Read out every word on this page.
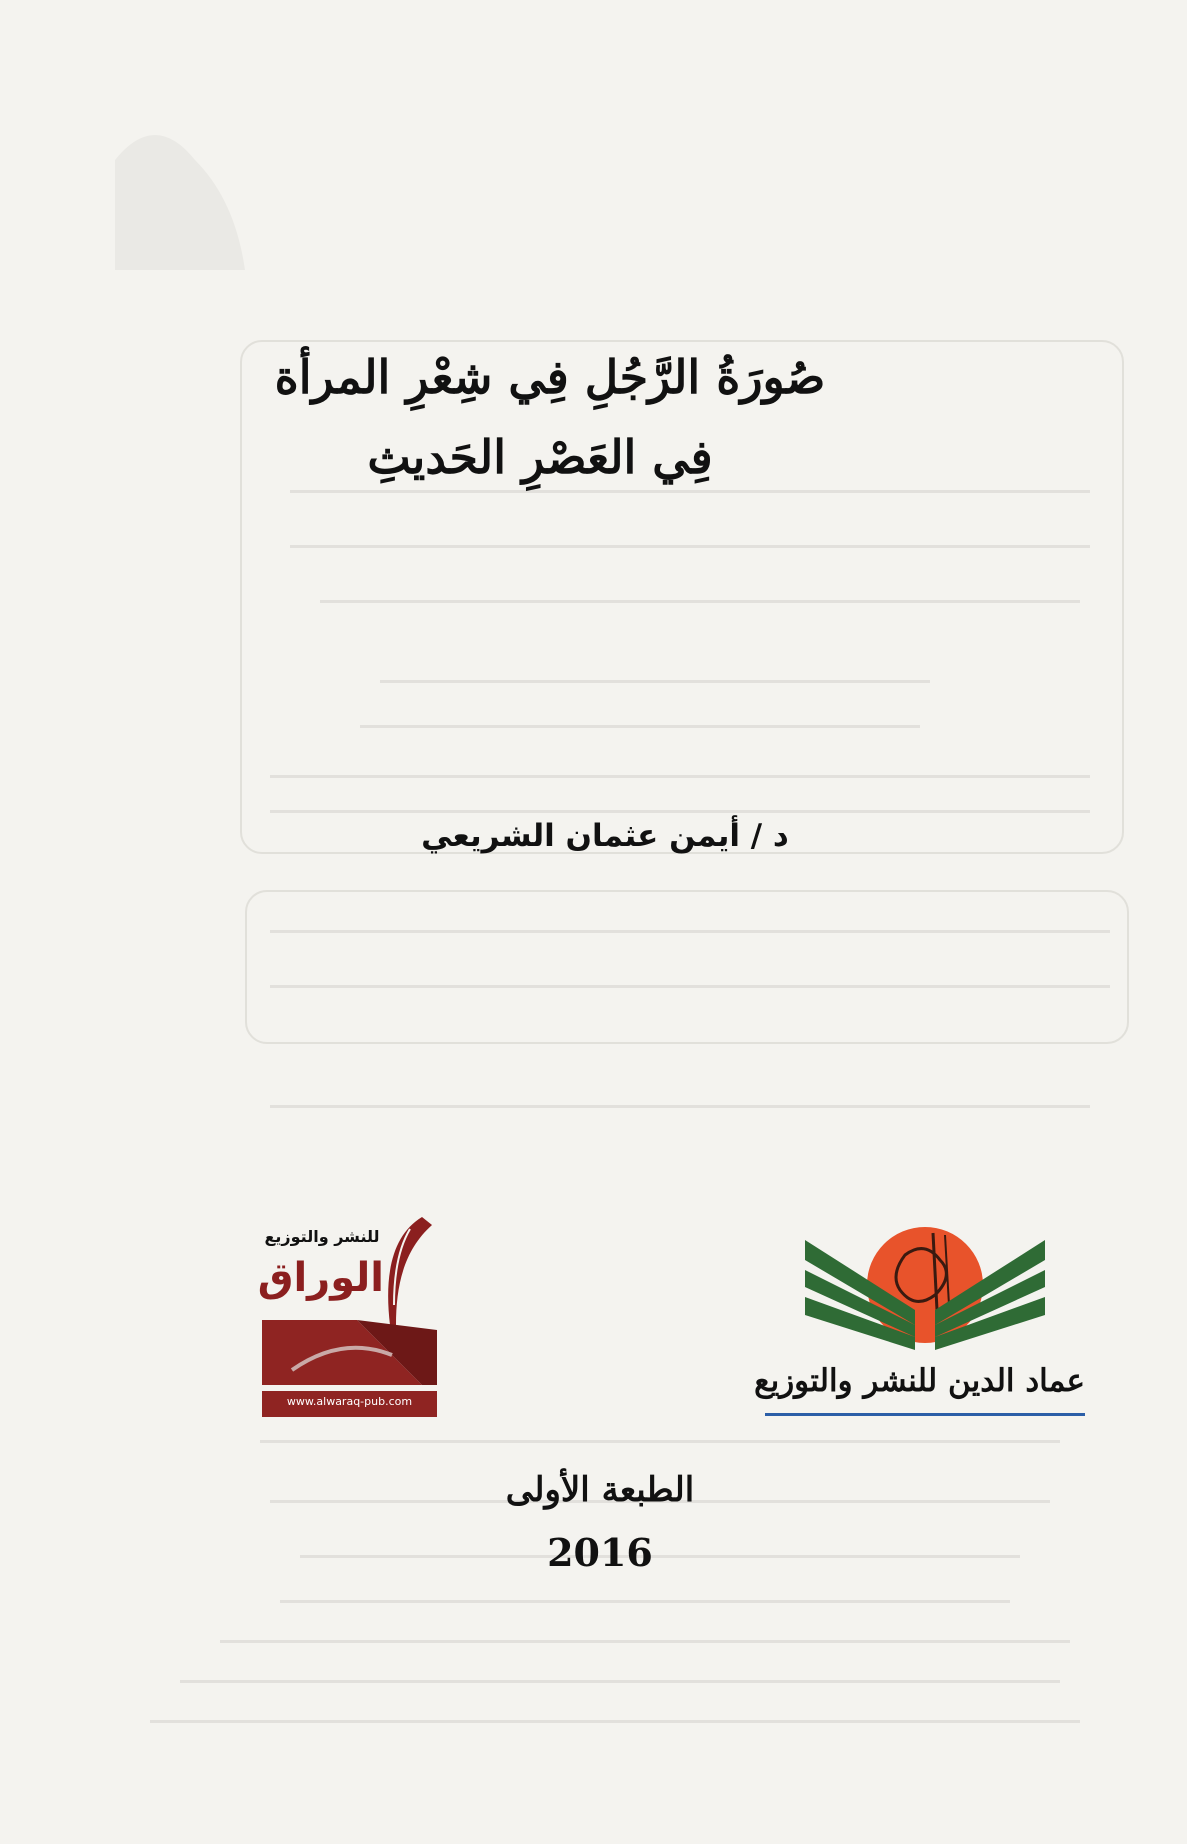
صُورَةُ الرَّجُلِ فِي شِعْرِ المرأة
فِي العَصْرِ الحَديثِ
د / أيمن عثمان الشريعي
للنشر والتوزيع
الوراق
www.alwaraq-pub.com
عماد الدين للنشر والتوزيع
الطبعة الأولى
2016
